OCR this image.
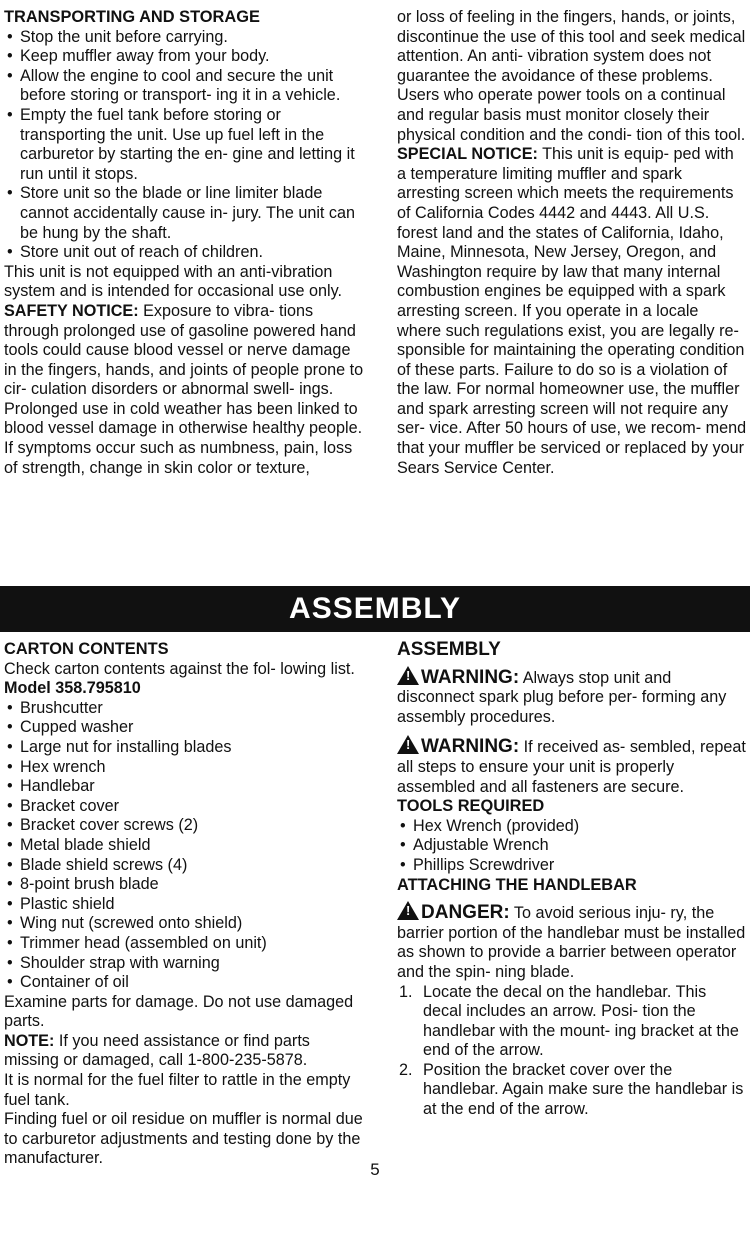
TRANSPORTING AND STORAGE

• Stop the unit before carrying.
• Keep muffler away from your body.
• Allow the engine to cool and secure the unit before storing or transport- ing it in a vehicle.
• Empty the fuel tank before storing or transporting the unit. Use up fuel left in the carburetor by starting the en- gine and letting it run until it stops.
• Store unit so the blade or line limiter blade cannot accidentally cause in- jury. The unit can be hung by the shaft.
• Store unit out of reach of children.

This unit is not equipped with an anti-vibration system and is intended for occasional use only.

SAFETY NOTICE: Exposure to vibra- tions through prolonged use of gasoline powered hand tools could cause blood vessel or nerve damage in the fingers, hands, and joints of people prone to cir- culation disorders or abnormal swell- ings. Prolonged use in cold weather has been linked to blood vessel damage in otherwise healthy people. If symptoms occur such as numbness, pain, loss of strength, change in skin color or texture,

or loss of feeling in the fingers, hands, or joints, discontinue the use of this tool and seek medical attention. An anti- vibration system does not guarantee the avoidance of these problems. Users who operate power tools on a continual and regular basis must monitor closely their physical condition and the condi- tion of this tool.

SPECIAL NOTICE: This unit is equip- ped with a temperature limiting muffler and spark arresting screen which meets the requirements of California Codes 4442 and 4443. All U.S. forest land and the states of California, Idaho, Maine, Minnesota, New Jersey, Oregon, and Washington require by law that many internal combustion engines be equipped with a spark arresting screen. If you operate in a locale where such regulations exist, you are legally re- sponsible for maintaining the operating condition of these parts. Failure to do so is a violation of the law. For normal homeowner use, the muffler and spark arresting screen will not require any ser- vice. After 50 hours of use, we recom- mend that your muffler be serviced or replaced by your Sears Service Center.

ASSEMBLY

CARTON CONTENTS

Check carton contents against the fol- lowing list.

Model 358.795810

• Brushcutter
• Cupped washer
• Large nut for installing blades
• Hex wrench
• Handlebar
• Bracket cover
• Bracket cover screws (2)
• Metal blade shield
• Blade shield screws (4)
• 8-point brush blade
• Plastic shield
• Wing nut (screwed onto shield)
• Trimmer head (assembled on unit)
• Shoulder strap with warning
• Container of oil

Examine parts for damage. Do not use damaged parts.

NOTE: If you need assistance or find parts missing or damaged, call 1-800-235-5878.

It is normal for the fuel filter to rattle in the empty fuel tank.

Finding fuel or oil residue on muffler is normal due to carburetor adjustments and testing done by the manufacturer.

ASSEMBLY

! WARNING: Always stop unit and disconnect spark plug before per- forming any assembly procedures.

! WARNING: If received as- sembled, repeat all steps to ensure your unit is properly assembled and all fasteners are secure.

TOOLS REQUIRED

• Hex Wrench (provided)
• Adjustable Wrench
• Phillips Screwdriver

ATTACHING THE HANDLEBAR

! DANGER: To avoid serious inju- ry, the barrier portion of the handlebar must be installed as shown to provide a barrier between operator and the spin- ning blade.

1. Locate the decal on the handlebar. This decal includes an arrow. Posi- tion the handlebar with the mount- ing bracket at the end of the arrow.
2. Position the bracket cover over the handlebar. Again make sure the handlebar is at the end of the arrow.
5
